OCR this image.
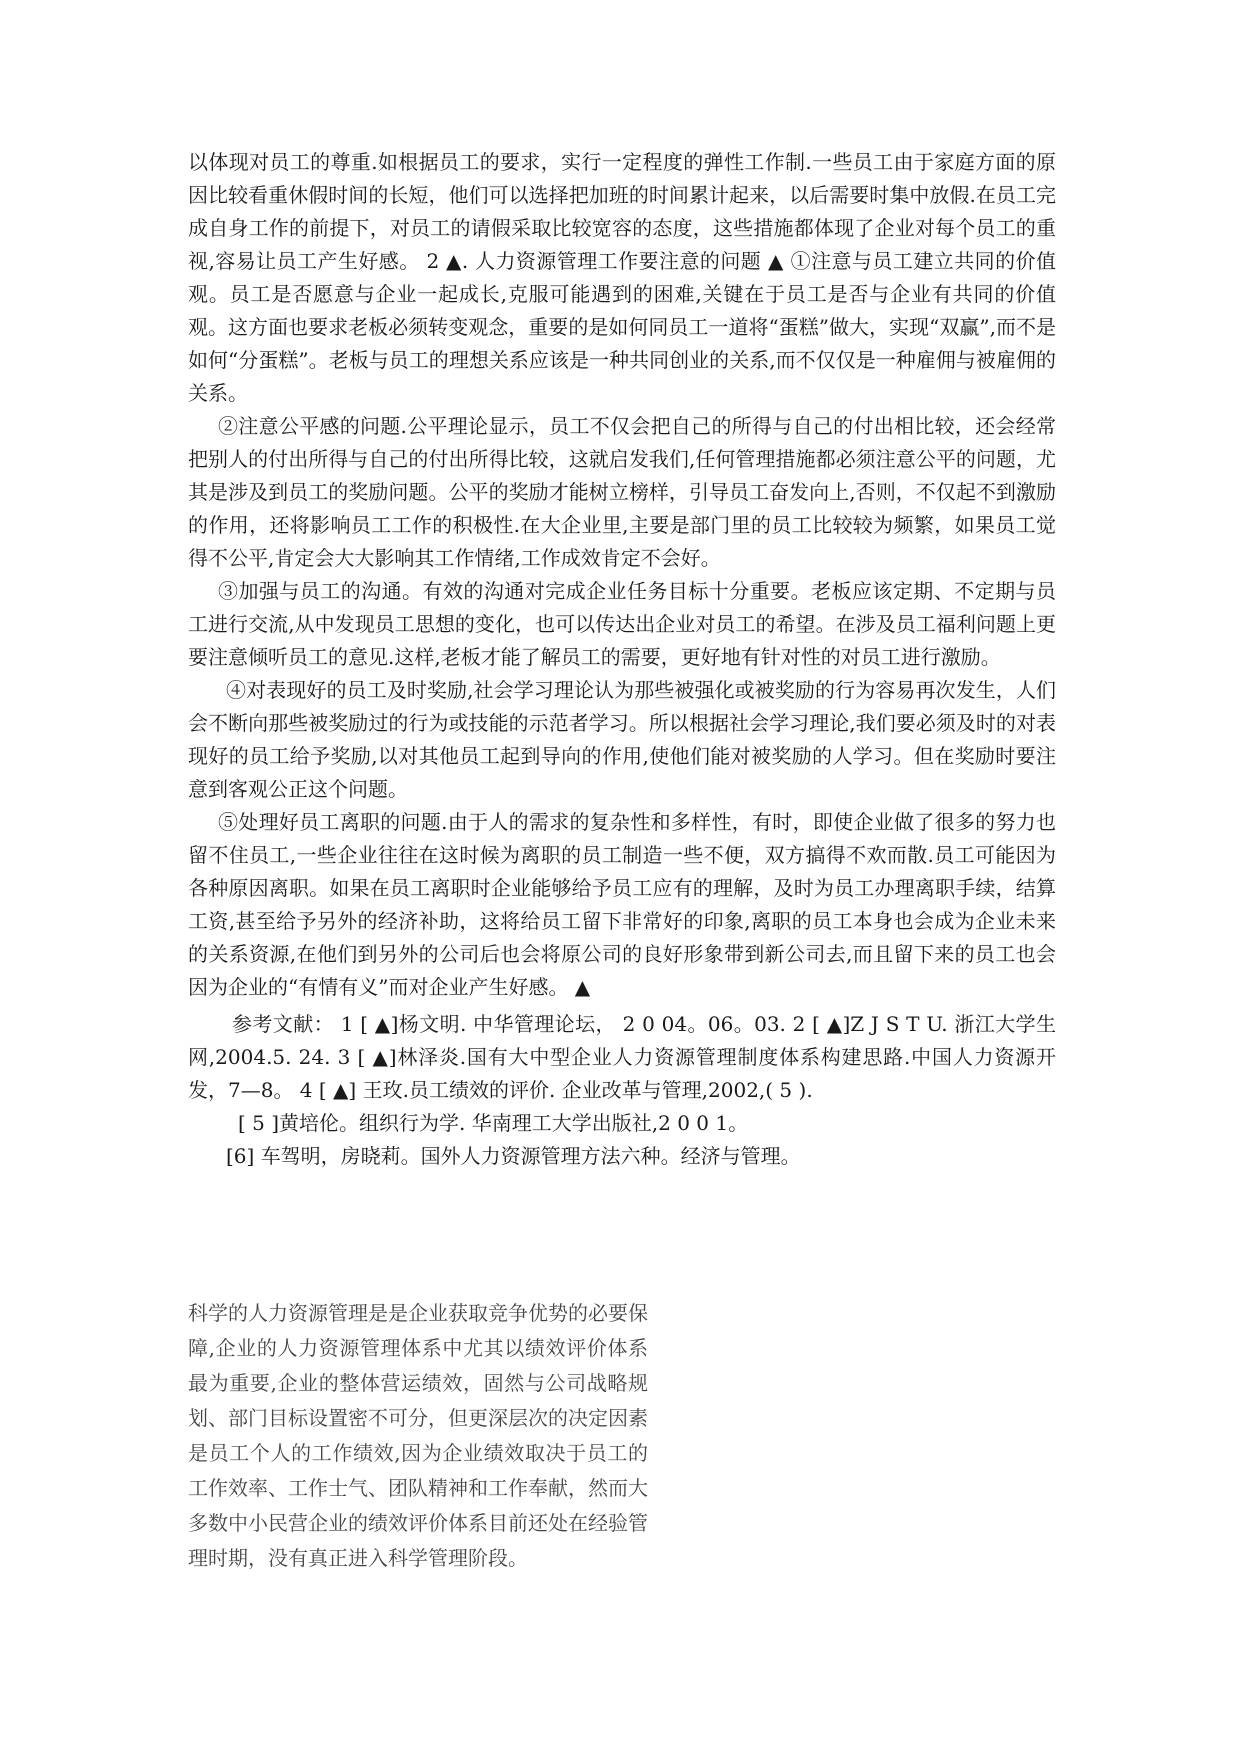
以体现对员工的尊重.如根据员工的要求，实行一定程度的弹性工作制.一些员工由于家庭方面的原因比较看重休假时间的长短，他们可以选择把加班的时间累计起来，以后需要时集中放假.在员工完成自身工作的前提下，对员工的请假采取比较宽容的态度，这些措施都体现了企业对每个员工的重视,容易让员工产生好感。 2 ▲. 人力资源管理工作要注意的问题 ▲ ①注意与员工建立共同的价值观。员工是否愿意与企业一起成长,克服可能遇到的困难,关键在于员工是否与企业有共同的价值观。这方面也要求老板必须转变观念，重要的是如何同员工一道将“蛋糕”做大，实现“双赢”,而不是如何“分蛋糕”。老板与员工的理想关系应该是一种共同创业的关系,而不仅仅是一种雇佣与被雇佣的关系。

②注意公平感的问题.公平理论显示，员工不仅会把自己的所得与自己的付出相比较，还会经常把别人的付出所得与自己的付出所得比较，这就启发我们,任何管理措施都必须注意公平的问题，尤其是涉及到员工的奖励问题。公平的奖励才能树立榜样，引导员工奋发向上,否则，不仅起不到激励的作用，还将影响员工工作的积极性.在大企业里,主要是部门里的员工比较较为频繁，如果员工觉得不公平,肯定会大大影响其工作情绪,工作成效肯定不会好。

③加强与员工的沟通。有效的沟通对完成企业任务目标十分重要。老板应该定期、不定期与员工进行交流,从中发现员工思想的变化，也可以传达出企业对员工的希望。在涉及员工福利问题上更要注意倾听员工的意见.这样,老板才能了解员工的需要，更好地有针对性的对员工进行激励。

④对表现好的员工及时奖励,社会学习理论认为那些被强化或被奖励的行为容易再次发生，人们会不断向那些被奖励过的行为或技能的示范者学习。所以根据社会学习理论,我们要必须及时的对表现好的员工给予奖励,以对其他员工起到导向的作用,使他们能对被奖励的人学习。但在奖励时要注意到客观公正这个问题。

⑤处理好员工离职的问题.由于人的需求的复杂性和多样性，有时，即使企业做了很多的努力也留不住员工,一些企业往往在这时候为离职的员工制造一些不便，双方搞得不欢而散.员工可能因为各种原因离职。如果在员工离职时企业能够给予员工应有的理解，及时为员工办理离职手续，结算工资,甚至给予另外的经济补助，这将给员工留下非常好的印象,离职的员工本身也会成为企业未来的关系资源,在他们到另外的公司后也会将原公司的良好形象带到新公司去,而且留下来的员工也会因为企业的“有情有义”而对企业产生好感。 ▲

参考文献： 1 [ ▲]杨文明. 中华管理论坛， 2 0 04。06。03. 2 [ ▲]Z J S T U. 浙江大学生网,2004.5. 24. 3 [ ▲]林泽炎.国有大中型企业人力资源管理制度体系构建思路.中国人力资源开发，7—8。 4 [ ▲] 王玫.员工绩效的评价. 企业改革与管理,2002,( 5 ).

[ 5 ]黄培伦。组织行为学. 华南理工大学出版社,2 0 0 1。

[6] 车驾明，房晓莉。国外人力资源管理方法六种。经济与管理。

科学的人力资源管理是是企业获取竞争优势的必要保障,企业的人力资源管理体系中尤其以绩效评价体系最为重要,企业的整体营运绩效，固然与公司战略规划、部门目标设置密不可分，但更深层次的决定因素是员工个人的工作绩效,因为企业绩效取决于员工的工作效率、工作士气、团队精神和工作奉献，然而大多数中小民营企业的绩效评价体系目前还处在经验管理时期，没有真正进入科学管理阶段。
